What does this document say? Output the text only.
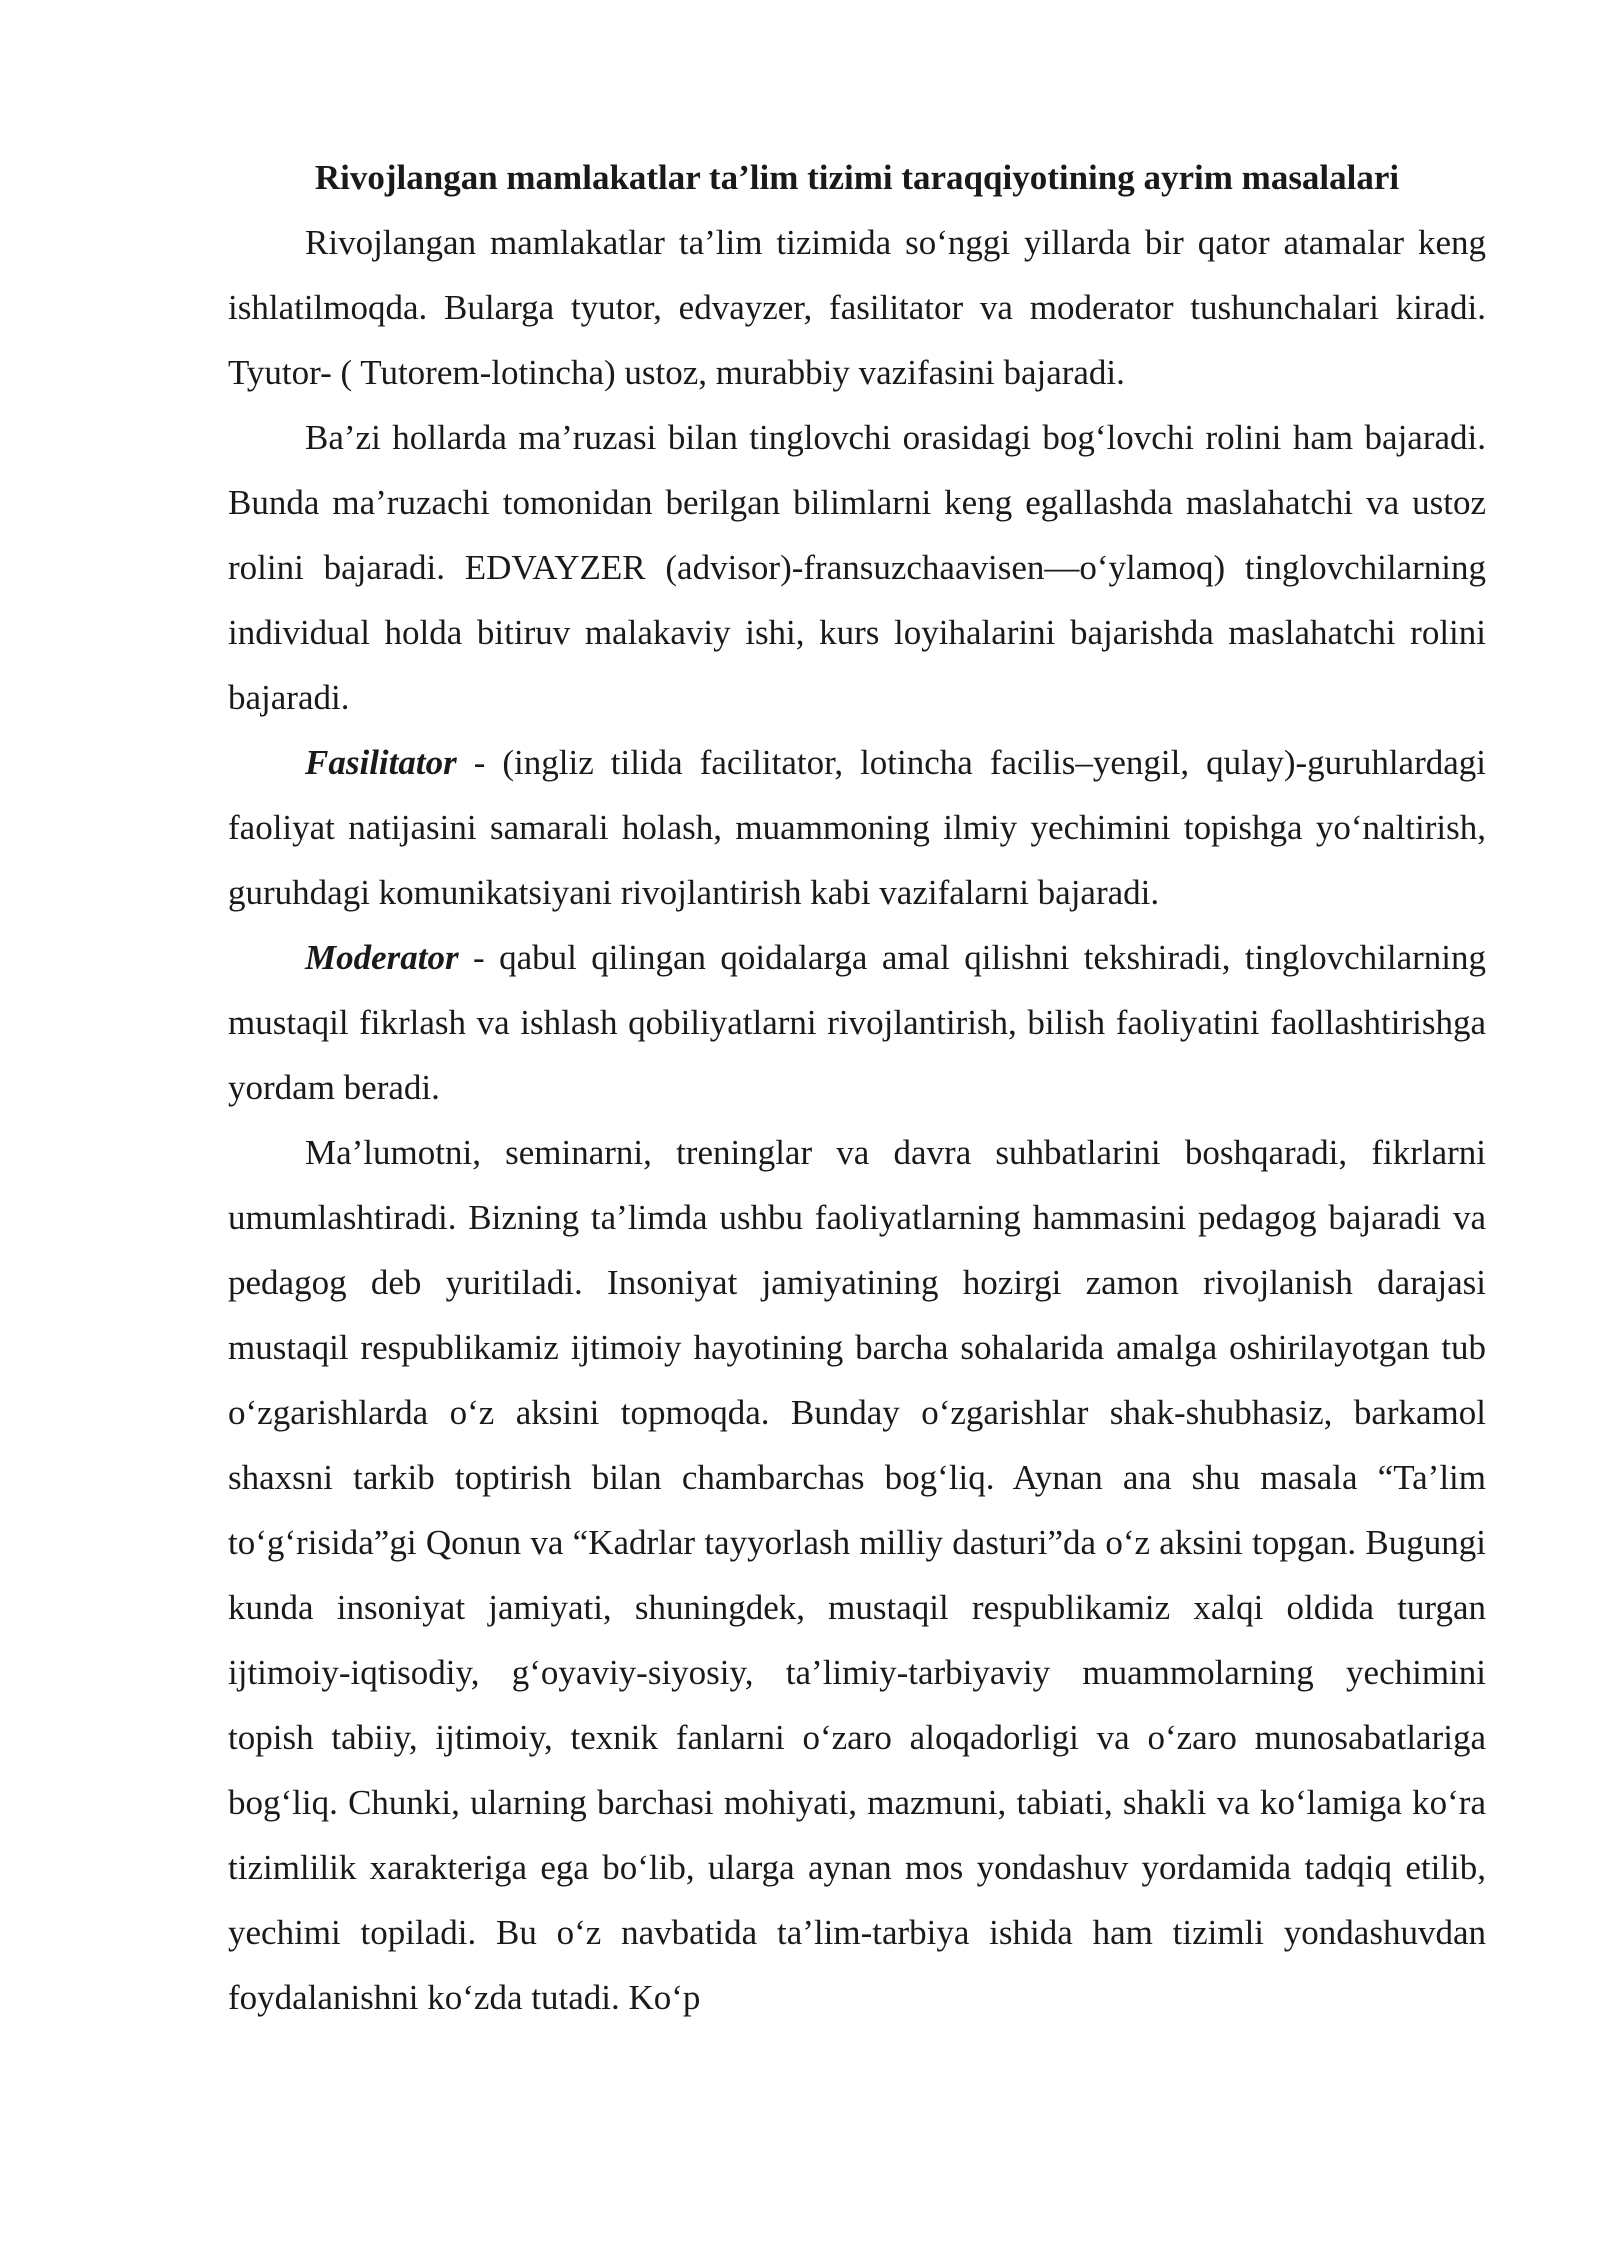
Rivojlangan mamlakatlar ta’lim tizimi taraqqiyotining ayrim masalalari

Rivojlangan mamlakatlar ta’lim tizimida so‘nggi yillarda bir qator atamalar keng ishlatilmoqda. Bularga tyutor, edvayzer, fasilitator va moderator tushunchalari kiradi. Tyutor- ( Tutorem-lotincha) ustoz, murabbiy vazifasini bajaradi.

Ba’zi hollarda ma’ruzasi bilan tinglovchi orasidagi bog‘lovchi rolini ham bajaradi. Bunda ma’ruzachi tomonidan berilgan bilimlarni keng egallashda maslahatchi va ustoz rolini bajaradi. EDVAYZER (advisor)-fransuzchaavisen—o‘ylamoq) tinglovchilarning individual holda bitiruv malakaviy ishi, kurs loyihalarini bajarishda maslahatchi rolini bajaradi.

Fasilitator - (ingliz tilida facilitator, lotincha facilis–yengil, qulay)-guruhlardagi faoliyat natijasini samarali holash, muammoning ilmiy yechimini topishga yo‘naltirish, guruhdagi komunikatsiyani rivojlantirish kabi vazifalarni bajaradi.

Moderator - qabul qilingan qoidalarga amal qilishni tekshiradi, tinglovchilarning mustaqil fikrlash va ishlash qobiliyatlarni rivojlantirish, bilish faoliyatini faollashtirishga yordam beradi.

Ma’lumotni, seminarni, treninglar va davra suhbatlarini boshqaradi, fikrlarni umumlashtiradi. Bizning ta’limda ushbu faoliyatlarning hammasini pedagog bajaradi va pedagog deb yuritiladi. Insoniyat jamiyatining hozirgi zamon rivojlanish darajasi mustaqil respublikamiz ijtimoiy hayotining barcha sohalarida amalga oshirilayotgan tub o‘zgarishlarda o‘z aksini topmoqda. Bunday o‘zgarishlar shak-shubhasiz, barkamol shaxsni tarkib toptirish bilan chambarchas bog‘liq. Aynan ana shu masala “Ta’lim to‘g‘risida”gi Qonun va “Kadrlar tayyorlash milliy dasturi”da o‘z aksini topgan. Bugungi kunda insoniyat jamiyati, shuningdek, mustaqil respublikamiz xalqi oldida turgan ijtimoiy-iqtisodiy, g‘oyaviy-siyosiy, ta’limiy-tarbiyaviy muammolarning yechimini topish tabiiy, ijtimoiy, texnik fanlarni o‘zaro aloqadorligi va o‘zaro munosabatlariga bog‘liq. Chunki, ularning barchasi mohiyati, mazmuni, tabiati, shakli va ko‘lamiga ko‘ra tizimlilik xarakteriga ega bo‘lib, ularga aynan mos yondashuv yordamida tadqiq etilib, yechimi topiladi. Bu o‘z navbatida ta’lim-tarbiya ishida ham tizimli yondashuvdan foydalanishni ko‘zda tutadi. Ko‘p
